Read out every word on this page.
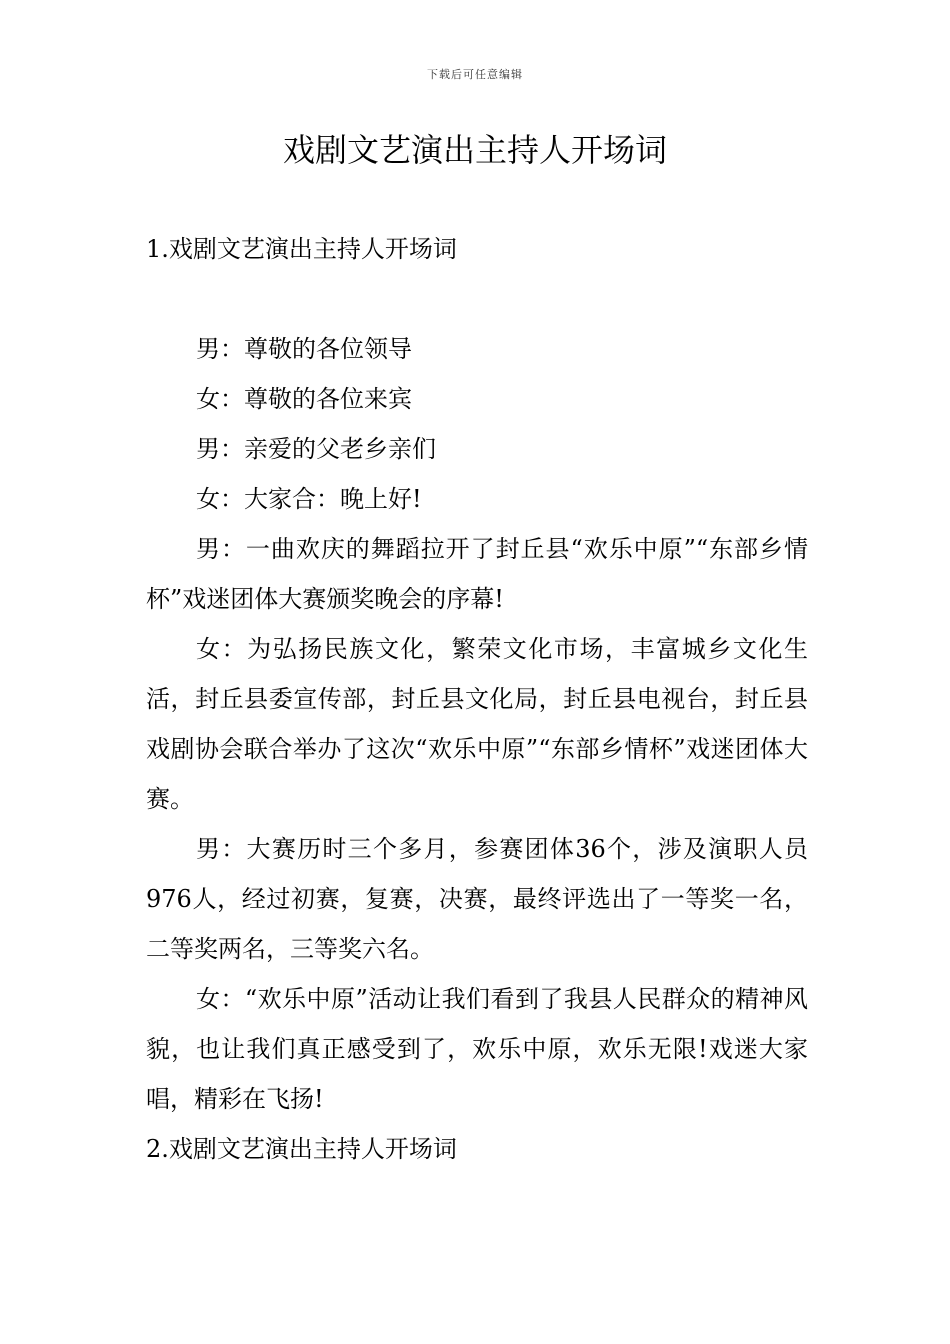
下载后可任意编辑
戏剧文艺演出主持人开场词

1.戏剧文艺演出主持人开场词

男：尊敬的各位领导

女：尊敬的各位来宾

男：亲爱的父老乡亲们

女：大家合：晚上好!

男：一曲欢庆的舞蹈拉开了封丘县“欢乐中原”“东部乡情杯”戏迷团体大赛颁奖晚会的序幕!

女：为弘扬民族文化，繁荣文化市场，丰富城乡文化生活，封丘县委宣传部，封丘县文化局，封丘县电视台，封丘县戏剧协会联合举办了这次“欢乐中原”“东部乡情杯”戏迷团体大赛。

男：大赛历时三个多月，参赛团体36个，涉及演职人员976人，经过初赛，复赛，决赛，最终评选出了一等奖一名，二等奖两名，三等奖六名。

女：“欢乐中原”活动让我们看到了我县人民群众的精神风貌，也让我们真正感受到了，欢乐中原，欢乐无限!戏迷大家唱，精彩在飞扬!

2.戏剧文艺演出主持人开场词
